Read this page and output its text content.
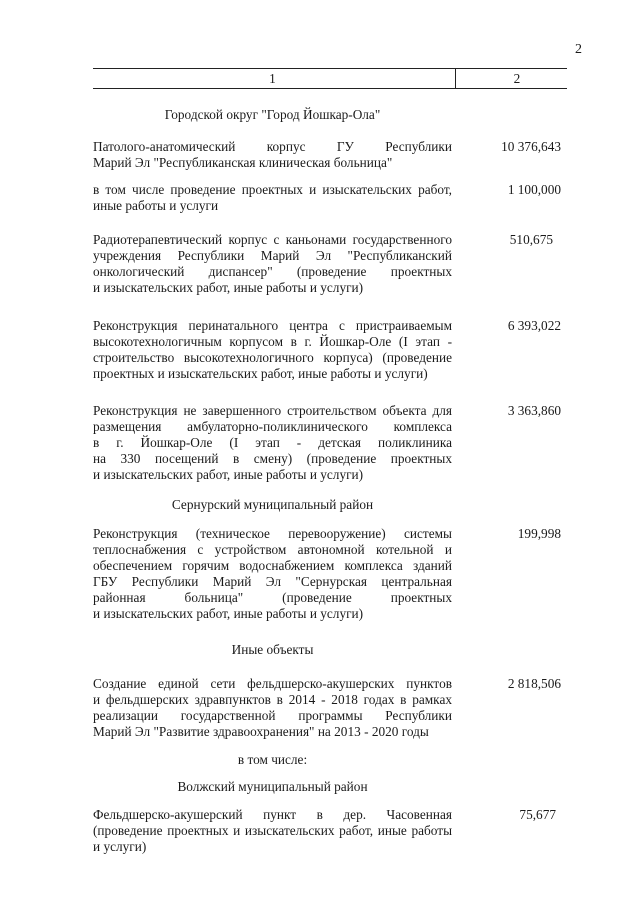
2
1	2
Городской округ "Город Йошкар-Ола"
Патолого-анатомический корпус ГУ Республики
Марий Эл "Республиканская клиническая больница"
10 376,643
в том числе проведение проектных и изыскательских работ,
иные работы и услуги
1 100,000
Радиотерапевтический корпус с каньонами государственного
учреждения Республики Марий Эл "Республиканский
онкологический диспансер" (проведение проектных
и изыскательских работ, иные работы и услуги)
510,675
Реконструкция перинатального центра с пристраиваемым
высокотехнологичным корпусом в г. Йошкар-Оле (I этап -
строительство высокотехнологичного корпуса) (проведение
проектных и изыскательских работ, иные работы и услуги)
6 393,022
Реконструкция не завершенного строительством объекта для
размещения амбулаторно-поликлинического комплекса
в г. Йошкар-Оле (I этап - детская поликлиника
на 330 посещений в смену) (проведение проектных
и изыскательских работ, иные работы и услуги)
3 363,860
Сернурский муниципальный район
Реконструкция (техническое перевооружение) системы
теплоснабжения с устройством автономной котельной и
обеспечением горячим водоснабжением комплекса зданий
ГБУ Республики Марий Эл "Сернурская центральная
районная больница" (проведение проектных
и изыскательских работ, иные работы и услуги)
199,998
Иные объекты
Создание единой сети фельдшерско-акушерских пунктов
и фельдшерских здравпунктов в 2014 - 2018 годах в рамках
реализации государственной программы Республики
Марий Эл "Развитие здравоохранения" на 2013 - 2020 годы
2 818,506
в том числе:
Волжский муниципальный район
Фельдшерско-акушерский пункт в дер. Часовенная
(проведение проектных и изыскательских работ, иные работы
и услуги)
75,677
